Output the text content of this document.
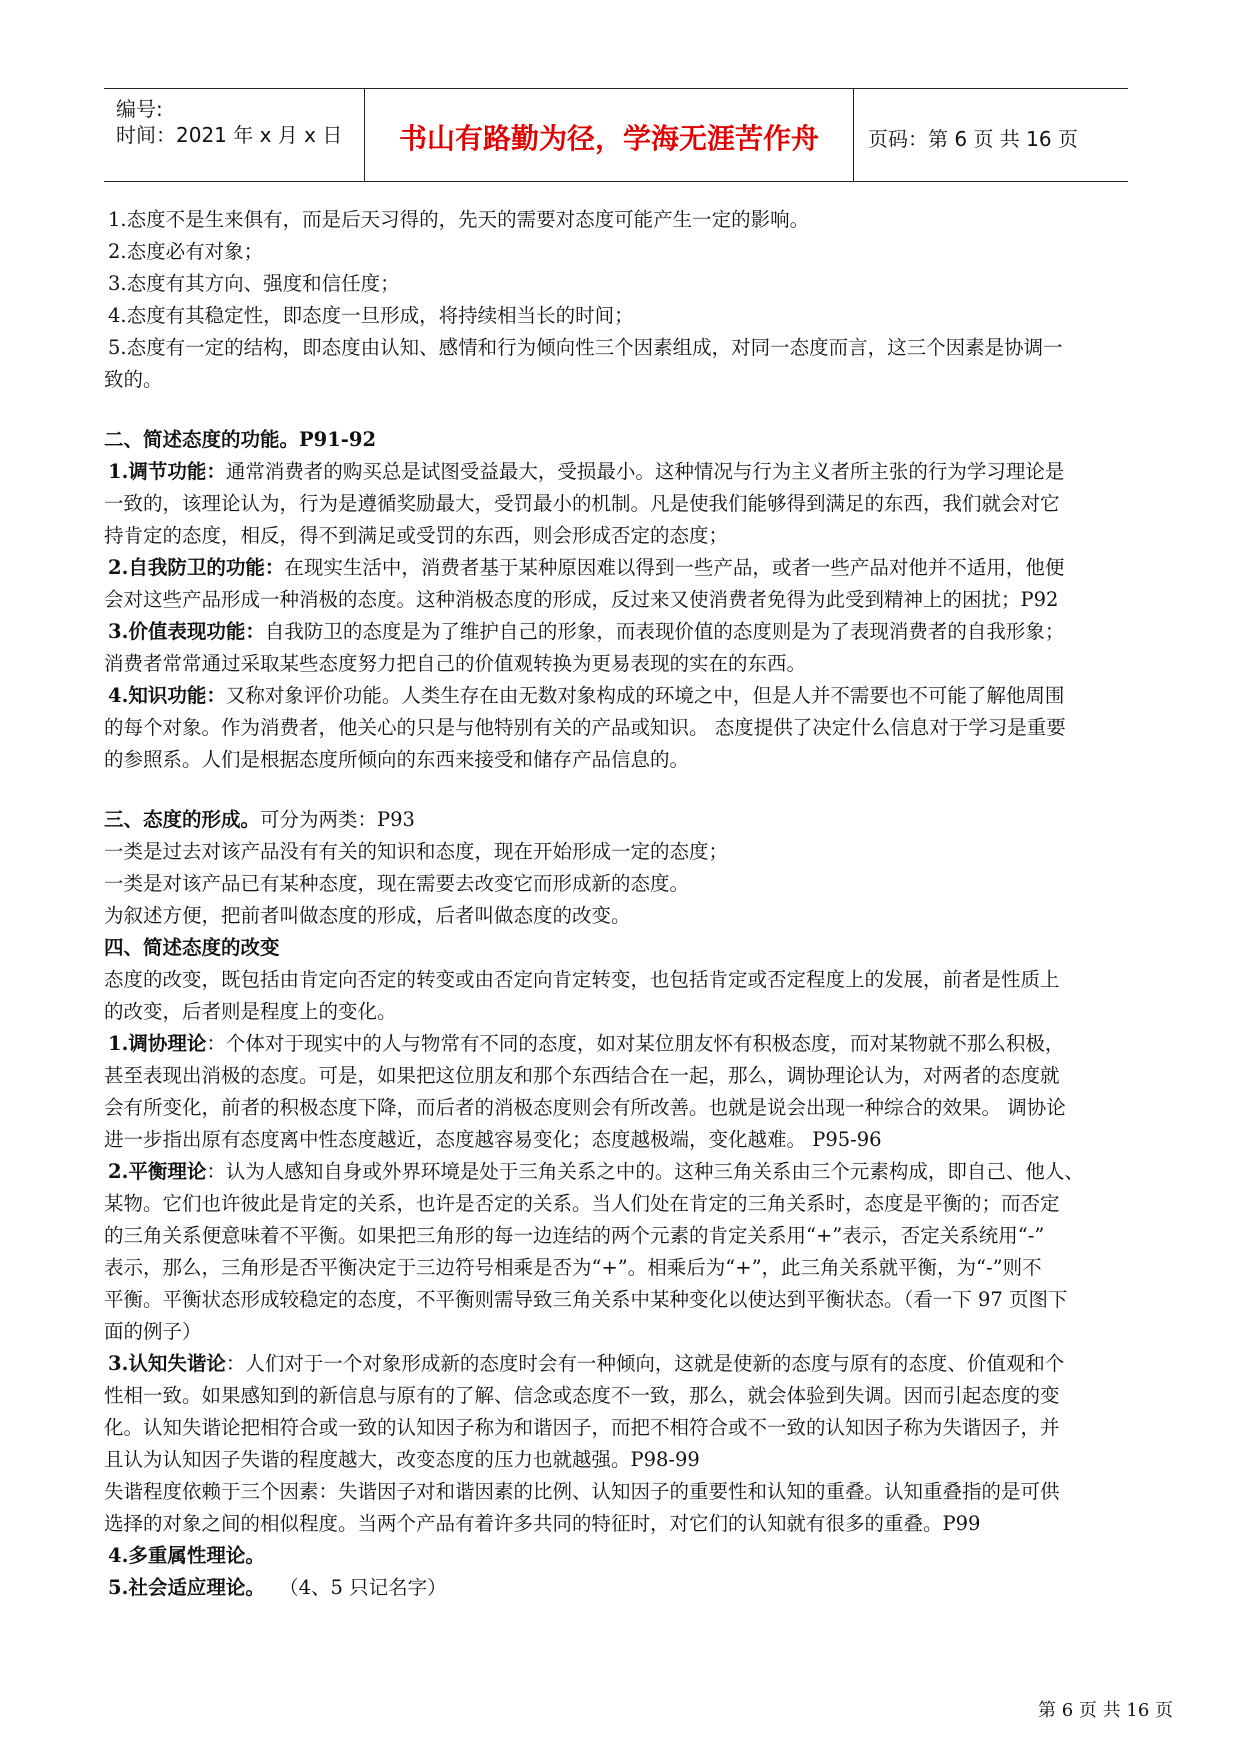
编号:
时间：2021 年 x 月 x 日	书山有路勤为径，学海无涯苦作舟	页码：第 6 页 共 16 页
1.态度不是生来俱有，而是后天习得的，先天的需要对态度可能产生一定的影响。
2.态度必有对象；
3.态度有其方向、强度和信任度；
4.态度有其稳定性，即态度一旦形成，将持续相当长的时间；
5.态度有一定的结构，即态度由认知、感情和行为倾向性三个因素组成，对同一态度而言，这三个因素是协调一
致的。
二、简述态度的功能。P91-92
1.调节功能：通常消费者的购买总是试图受益最大，受损最小。这种情况与行为主义者所主张的行为学习理论是
一致的，该理论认为，行为是遵循奖励最大，受罚最小的机制。凡是使我们能够得到满足的东西，我们就会对它
持肯定的态度，相反，得不到满足或受罚的东西，则会形成否定的态度；
2.自我防卫的功能：在现实生活中，消费者基于某种原因难以得到一些产品，或者一些产品对他并不适用，他便
会对这些产品形成一种消极的态度。这种消极态度的形成，反过来又使消费者免得为此受到精神上的困扰；P92
3.价值表现功能：自我防卫的态度是为了维护自己的形象，而表现价值的态度则是为了表现消费者的自我形象；
消费者常常通过采取某些态度努力把自己的价值观转换为更易表现的实在的东西。
4.知识功能：又称对象评价功能。人类生存在由无数对象构成的环境之中，但是人并不需要也不可能了解他周围
的每个对象。作为消费者，他关心的只是与他特别有关的产品或知识。 态度提供了决定什么信息对于学习是重要
的参照系。人们是根据态度所倾向的东西来接受和储存产品信息的。
三、态度的形成。可分为两类：P93
一类是过去对该产品没有有关的知识和态度，现在开始形成一定的态度；
一类是对该产品已有某种态度，现在需要去改变它而形成新的态度。
为叙述方便，把前者叫做态度的形成，后者叫做态度的改变。
四、简述态度的改变
态度的改变，既包括由肯定向否定的转变或由否定向肯定转变，也包括肯定或否定程度上的发展，前者是性质上
的改变，后者则是程度上的变化。
1.调协理论：个体对于现实中的人与物常有不同的态度，如对某位朋友怀有积极态度，而对某物就不那么积极，
甚至表现出消极的态度。可是，如果把这位朋友和那个东西结合在一起，那么，调协理论认为，对两者的态度就
会有所变化，前者的积极态度下降，而后者的消极态度则会有所改善。也就是说会出现一种综合的效果。 调协论
进一步指出原有态度离中性态度越近，态度越容易变化；态度越极端，变化越难。 P95-96
2.平衡理论：认为人感知自身或外界环境是处于三角关系之中的。这种三角关系由三个元素构成，即自己、他人、
某物。它们也许彼此是肯定的关系，也许是否定的关系。当人们处在肯定的三角关系时，态度是平衡的；而否定
的三角关系便意味着不平衡。如果把三角形的每一边连结的两个元素的肯定关系用“+”表示，否定关系统用“-”
表示，那么，三角形是否平衡决定于三边符号相乘是否为“+”。相乘后为“+”，此三角关系就平衡，为“-”则不
平衡。平衡状态形成较稳定的态度，不平衡则需导致三角关系中某种变化以使达到平衡状态。（看一下 97 页图下
面的例子）
3.认知失谐论：人们对于一个对象形成新的态度时会有一种倾向，这就是使新的态度与原有的态度、价值观和个
性相一致。如果感知到的新信息与原有的了解、信念或态度不一致，那么，就会体验到失调。因而引起态度的变
化。认知失谐论把相符合或一致的认知因子称为和谐因子，而把不相符合或不一致的认知因子称为失谐因子，并
且认为认知因子失谐的程度越大，改变态度的压力也就越强。P98-99
失谐程度依赖于三个因素：失谐因子对和谐因素的比例、认知因子的重要性和认知的重叠。认知重叠指的是可供
选择的对象之间的相似程度。当两个产品有着许多共同的特征时，对它们的认知就有很多的重叠。P99
4.多重属性理论。
5.社会适应理论。 （4、5 只记名字）
第 6 页 共 16 页
